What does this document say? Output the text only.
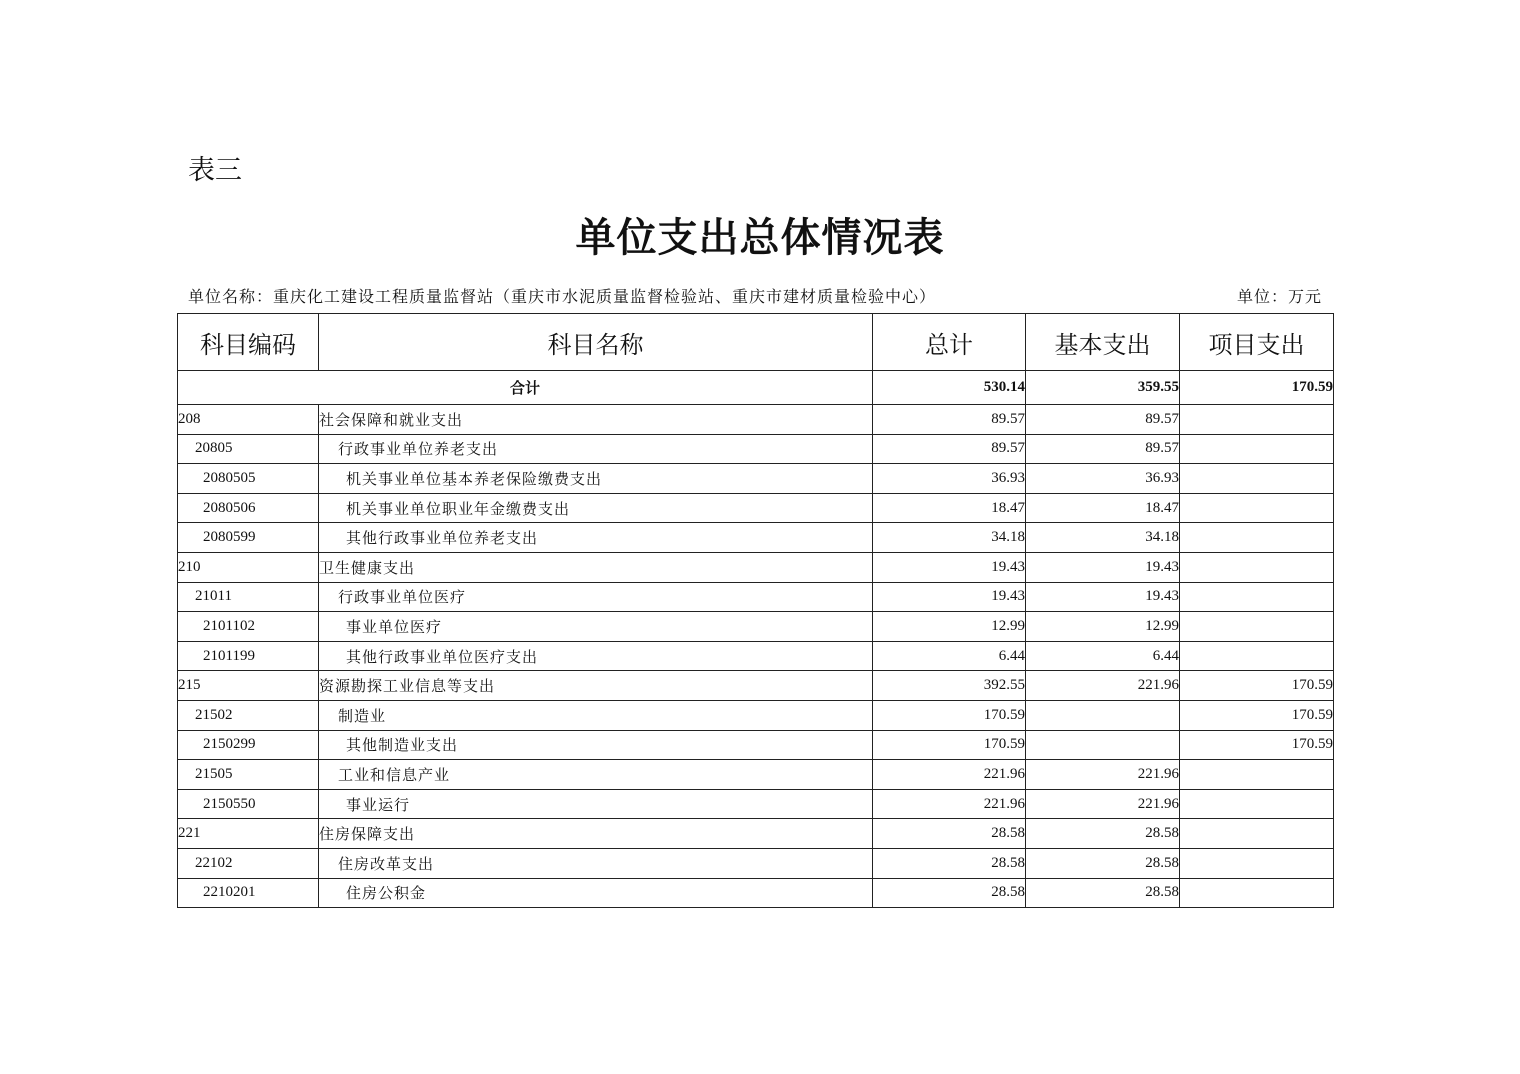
表三
单位支出总体情况表
单位名称：重庆化工建设工程质量监督站（重庆市水泥质量监督检验站、重庆市建材质量检验中心）	单位：万元
科目编码	科目名称	总计	基本支出	项目支出
合计		530.14	359.55	170.59
208	社会保障和就业支出	89.57	89.57	
20805	行政事业单位养老支出	89.57	89.57	
2080505	机关事业单位基本养老保险缴费支出	36.93	36.93	
2080506	机关事业单位职业年金缴费支出	18.47	18.47	
2080599	其他行政事业单位养老支出	34.18	34.18	
210	卫生健康支出	19.43	19.43	
21011	行政事业单位医疗	19.43	19.43	
2101102	事业单位医疗	12.99	12.99	
2101199	其他行政事业单位医疗支出	6.44	6.44	
215	资源勘探工业信息等支出	392.55	221.96	170.59
21502	制造业	170.59		170.59
2150299	其他制造业支出	170.59		170.59
21505	工业和信息产业	221.96	221.96	
2150550	事业运行	221.96	221.96	
221	住房保障支出	28.58	28.58	
22102	住房改革支出	28.58	28.58	
2210201	住房公积金	28.58	28.58	
